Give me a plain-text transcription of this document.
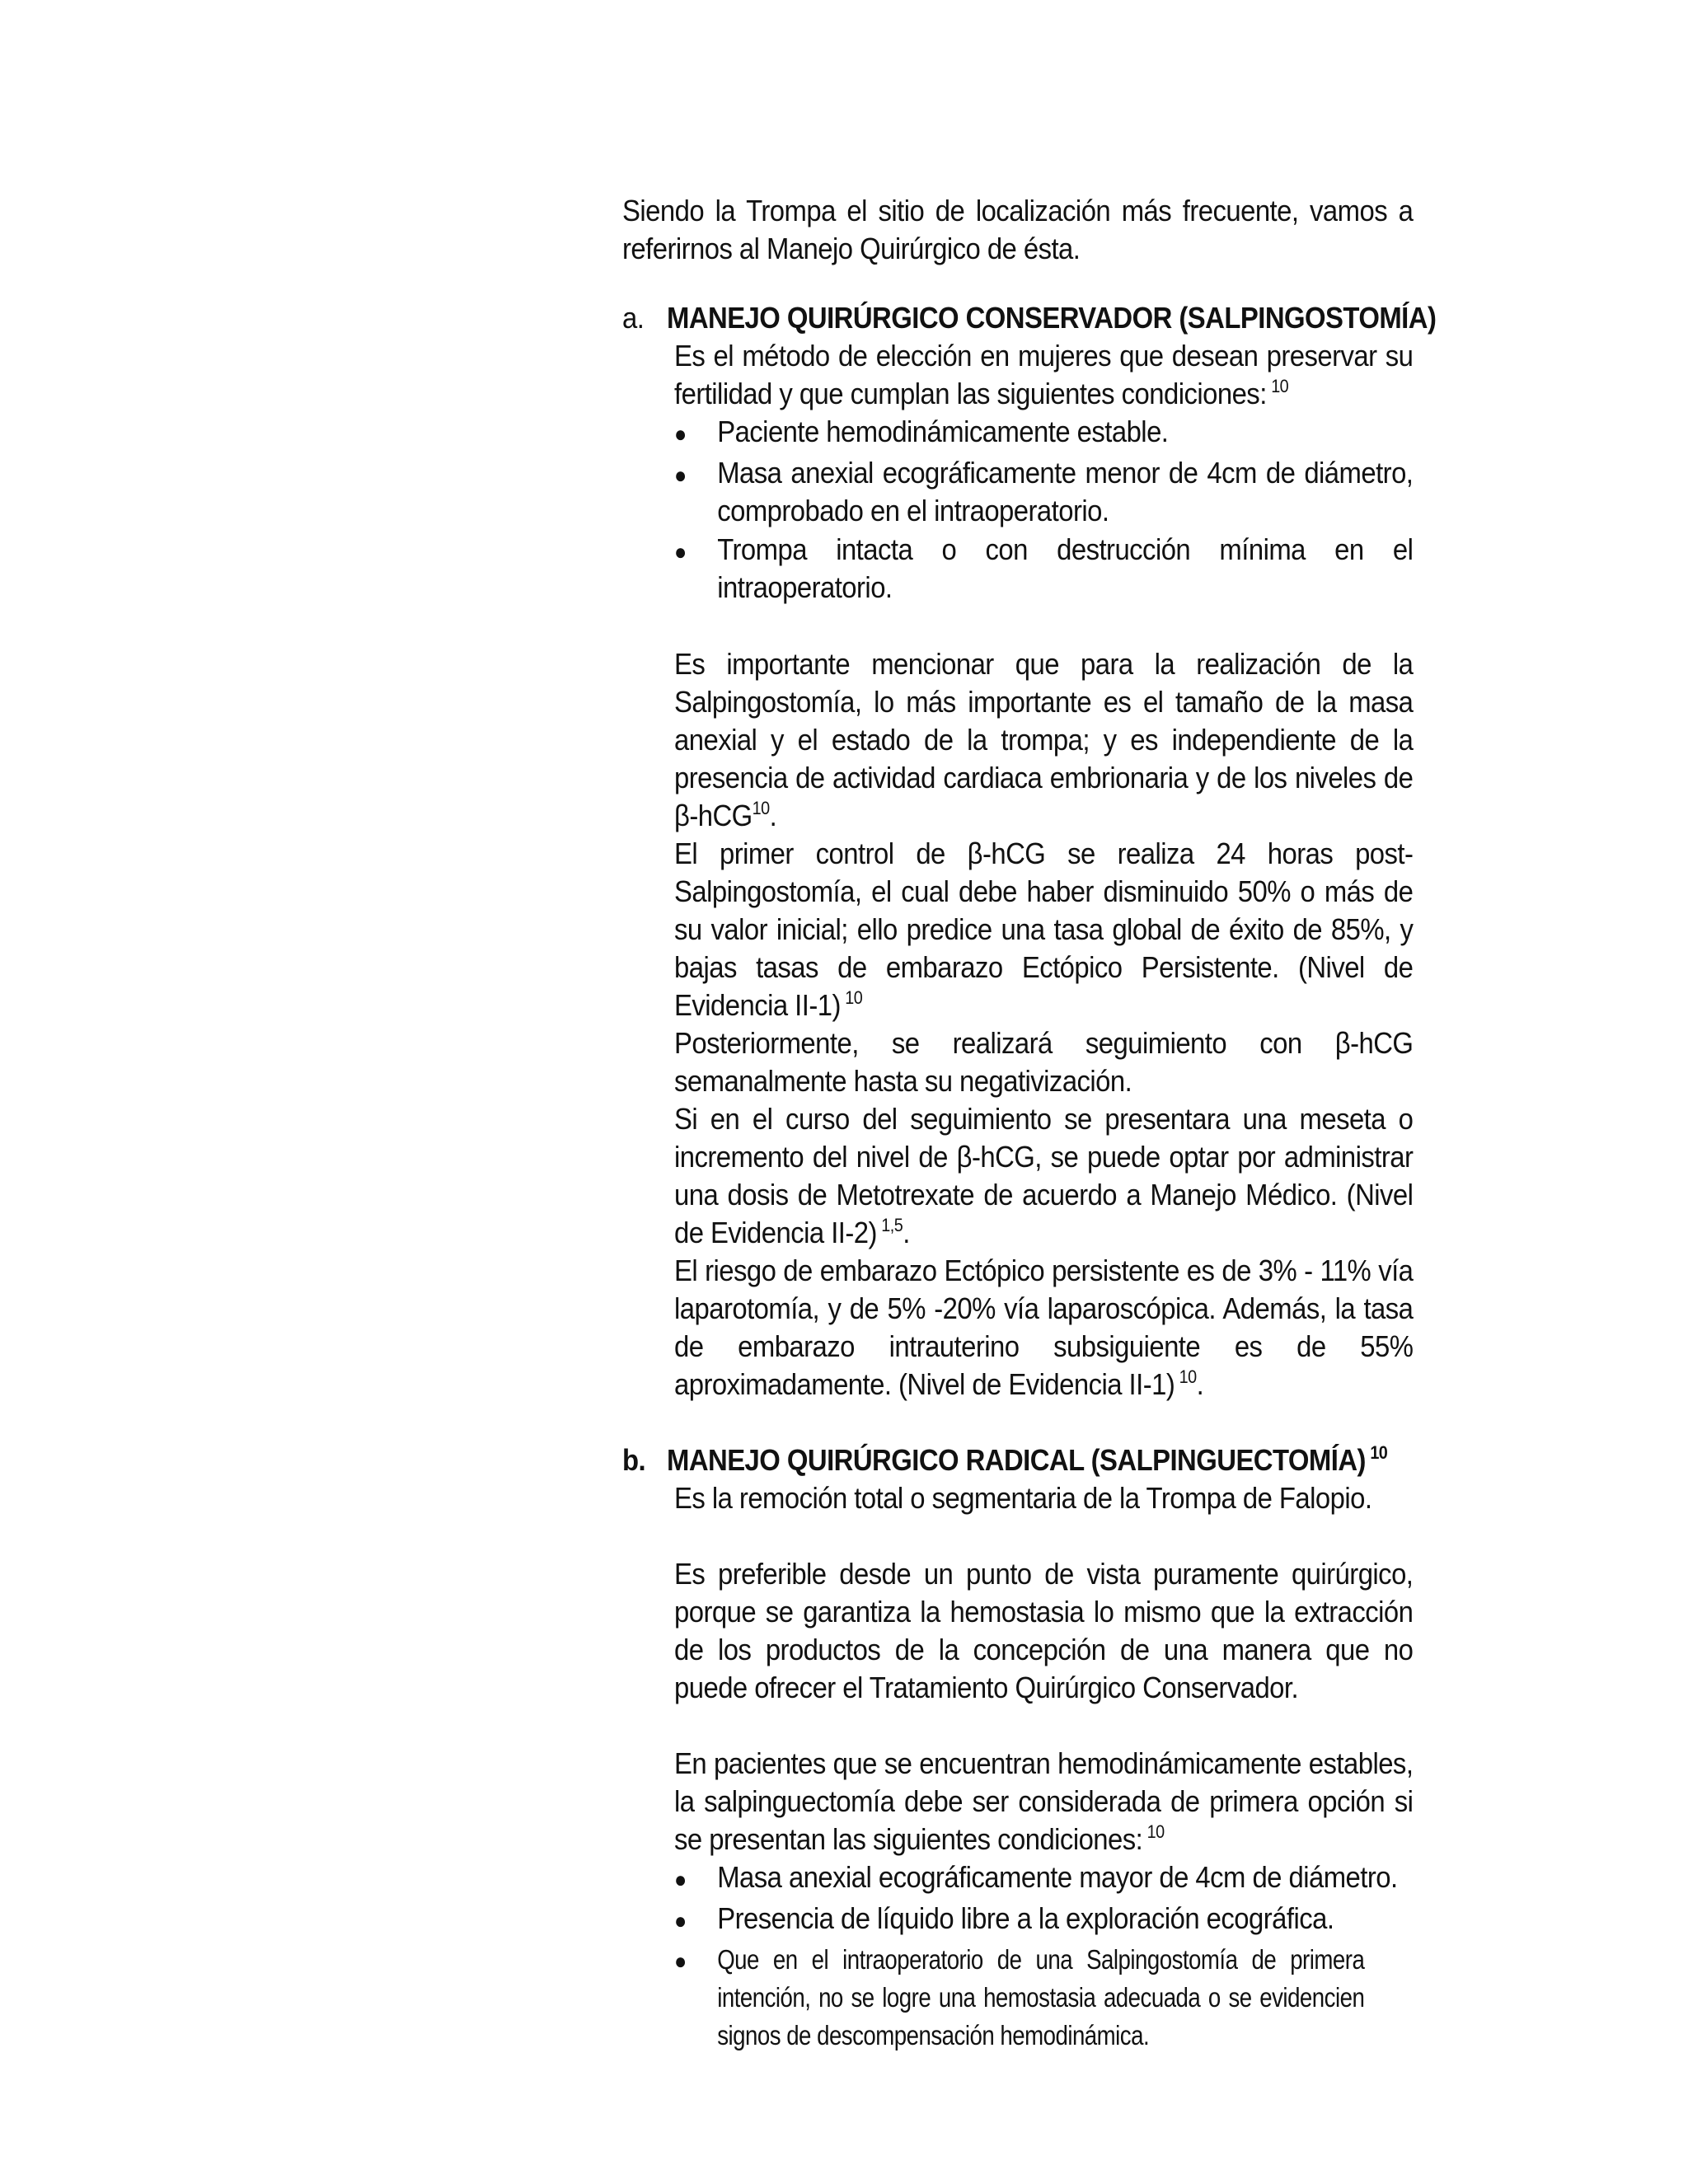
Siendo la Trompa el sitio de localización más frecuente, vamos a referirnos al Manejo Quirúrgico de ésta.

a. MANEJO QUIRÚRGICO CONSERVADOR (SALPINGOSTOMÍA)

Es el método de elección en mujeres que desean preservar su fertilidad y que cumplan las siguientes condiciones: $^{10}$

●	Paciente hemodinámicamente estable.
●	Masa anexial ecográficamente menor de 4cm de diámetro, comprobado en el intraoperatorio.
●	Trompa intacta o con destrucción mínima en el intraoperatorio.

Es importante mencionar que para la realización de la Salpingostomía, lo más importante es el tamaño de la masa anexial y el estado de la trompa; y es independiente de la presencia de actividad cardiaca embrionaria y de los niveles de β-hCG$^{10}$.

El primer control de β-hCG se realiza 24 horas post-Salpingostomía, el cual debe haber disminuido 50% o más de su valor inicial; ello predice una tasa global de éxito de 85%, y bajas tasas de embarazo Ectópico Persistente. (Nivel de Evidencia II-1) $^{10}$

Posteriormente, se realizará seguimiento con β-hCG semanalmente hasta su negativización.

Si en el curso del seguimiento se presentara una meseta o incremento del nivel de β-hCG, se puede optar por administrar una dosis de Metotrexate de acuerdo a Manejo Médico. (Nivel de Evidencia II-2) $^{1,5}$.

El riesgo de embarazo Ectópico persistente es de 3% - 11% vía laparotomía, y de 5% -20% vía laparoscópica. Además, la tasa de embarazo intrauterino subsiguiente es de 55% aproximadamente. (Nivel de Evidencia II-1) $^{10}$.

b. MANEJO QUIRÚRGICO RADICAL (SALPINGUECTOMÍA) $^{10}$

Es la remoción total o segmentaria de la Trompa de Falopio.

Es preferible desde un punto de vista puramente quirúrgico, porque se garantiza la hemostasia lo mismo que la extracción de los productos de la concepción de una manera que no puede ofrecer el Tratamiento Quirúrgico Conservador.

En pacientes que se encuentran hemodinámicamente estables, la salpinguectomía debe ser considerada de primera opción si se presentan las siguientes condiciones: $^{10}$

●	Masa anexial ecográficamente mayor de 4cm de diámetro.
●	Presencia de líquido libre a la exploración ecográfica.
●	Que en el intraoperatorio de una Salpingostomía de primera intención, no se logre una hemostasia adecuada o se evidencien signos de descompensación hemodinámica.
